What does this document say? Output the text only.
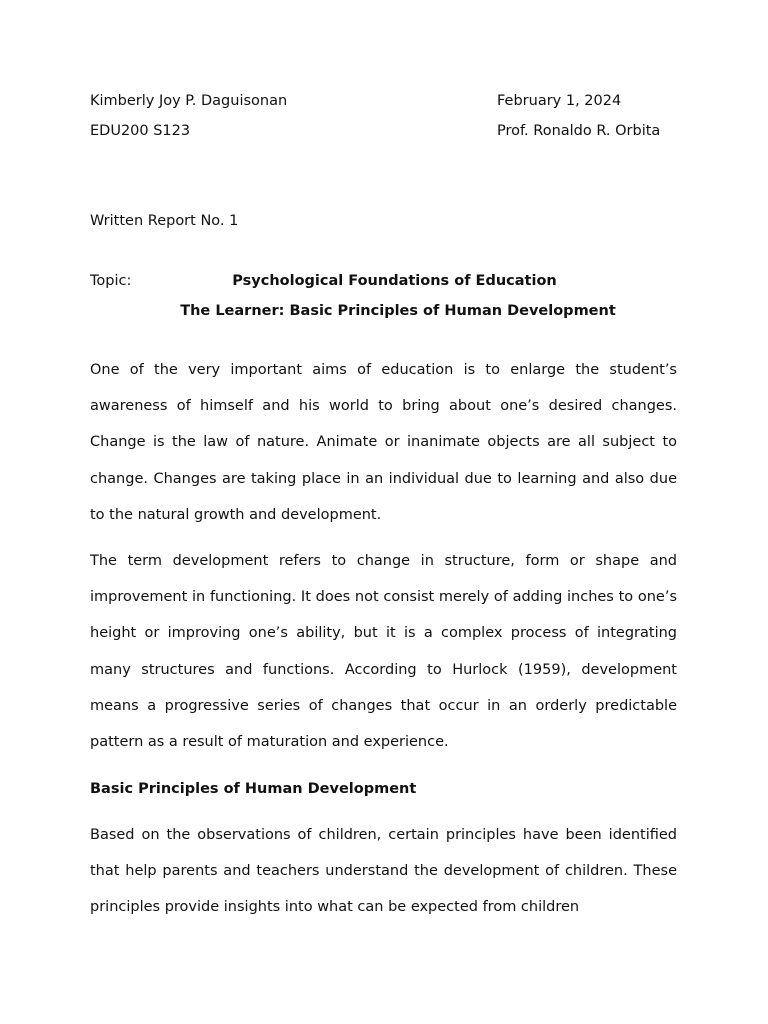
Kimberly Joy P. Daguisonan	February 1, 2024
EDU200 S123	Prof. Ronaldo R. Orbita
Written Report No. 1
Topic:	Psychological Foundations of Education
The Learner: Basic Principles of Human Development
One of the very important aims of education is to enlarge the student’s awareness of himself and his world to bring about one’s desired changes. Change is the law of nature. Animate or inanimate objects are all subject to change. Changes are taking place in an individual due to learning and also due to the natural growth and development.
The term development refers to change in structure, form or shape and improvement in functioning. It does not consist merely of adding inches to one’s height or improving one’s ability, but it is a complex process of integrating many structures and functions. According to Hurlock (1959), development means a progressive series of changes that occur in an orderly predictable pattern as a result of maturation and experience.
Basic Principles of Human Development
Based on the observations of children, certain principles have been identified that help parents and teachers understand the development of children. These principles provide insights into what can be expected from children
